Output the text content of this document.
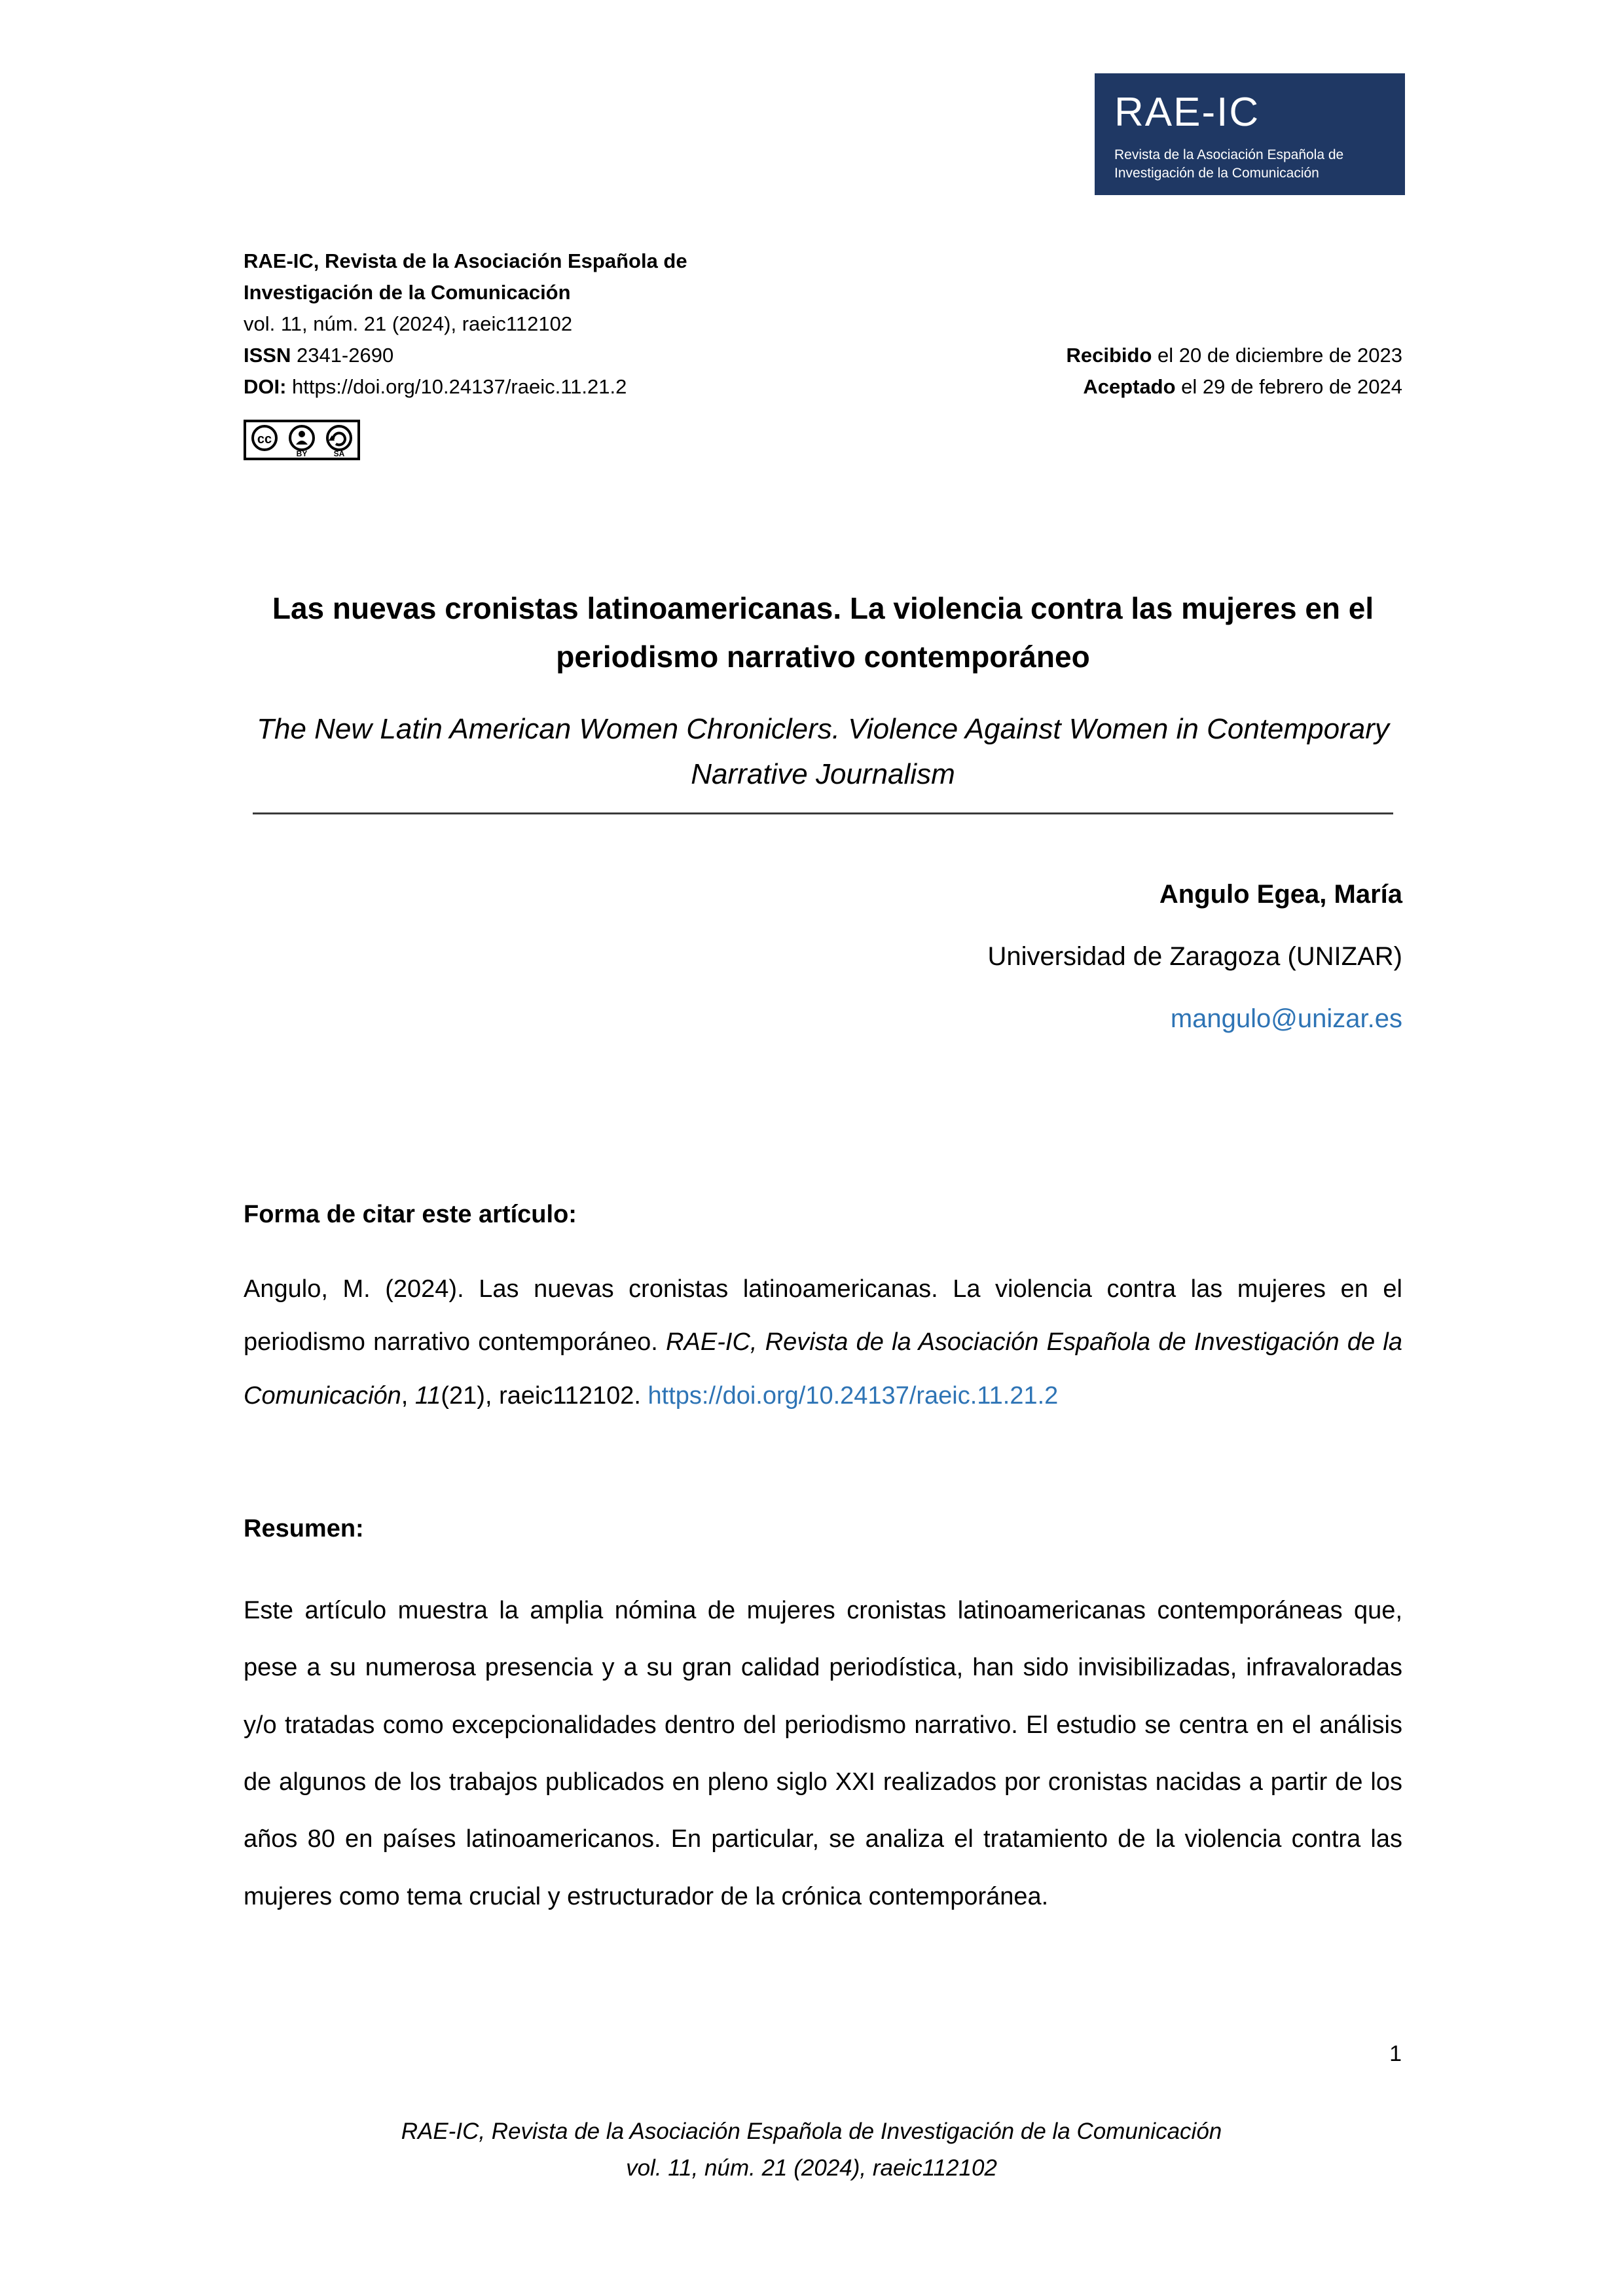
RAE-IC
Revista de la Asociación Española de
Investigación de la Comunicación
RAE-IC, Revista de la Asociación Española de
Investigación de la Comunicación
vol. 11, núm. 21 (2024), raeic112102
ISSN 2341-2690
DOI: https://doi.org/10.24137/raeic.11.21.2
Recibido el 20 de diciembre de 2023
Aceptado el 29 de febrero de 2024
cc
BY	SA
Las nuevas cronistas latinoamericanas. La violencia contra las mujeres en el periodismo narrativo contemporáneo
The New Latin American Women Chroniclers. Violence Against Women in Contemporary Narrative Journalism
Angulo Egea, María
Universidad de Zaragoza (UNIZAR)
mangulo@unizar.es
Forma de citar este artículo:
Angulo, M. (2024). Las nuevas cronistas latinoamericanas. La violencia contra las mujeres en el periodismo narrativo contemporáneo. RAE-IC, Revista de la Asociación Española de Investigación de la Comunicación, 11(21), raeic112102. https://doi.org/10.24137/raeic.11.21.2
Resumen:
Este artículo muestra la amplia nómina de mujeres cronistas latinoamericanas contemporáneas que, pese a su numerosa presencia y a su gran calidad periodística, han sido invisibilizadas, infravaloradas y/o tratadas como excepcionalidades dentro del periodismo narrativo. El estudio se centra en el análisis de algunos de los trabajos publicados en pleno siglo XXI realizados por cronistas nacidas a partir de los años 80 en países latinoamericanos. En particular, se analiza el tratamiento de la violencia contra las mujeres como tema crucial y estructurador de la crónica contemporánea.
1
RAE-IC, Revista de la Asociación Española de Investigación de la Comunicación
vol. 11, núm. 21 (2024), raeic112102
